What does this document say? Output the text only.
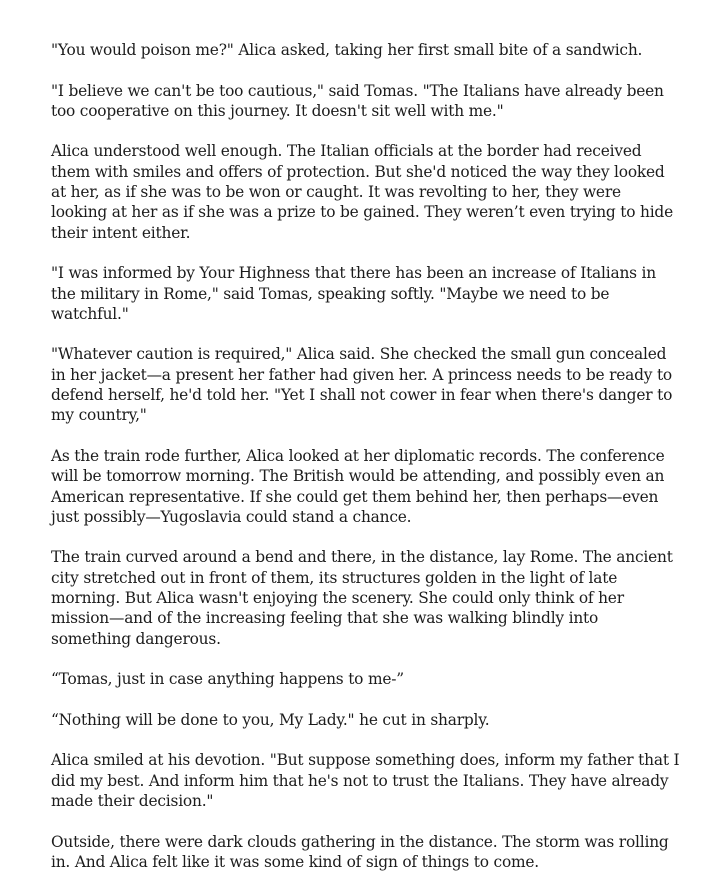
"You would poison me?" Alica asked, taking her first small bite of a sandwich.

"I believe we can't be too cautious," said Tomas. "The Italians have already been too cooperative on this journey. It doesn't sit well with me."

Alica understood well enough. The Italian officials at the border had received them with smiles and offers of protection. But she'd noticed the way they looked at her, as if she was to be won or caught. It was revolting to her, they were looking at her as if she was a prize to be gained. They weren’t even trying to hide their intent either.

"I was informed by Your Highness that there has been an increase of Italians in the military in Rome," said Tomas, speaking softly. "Maybe we need to be watchful."

"Whatever caution is required," Alica said. She checked the small gun concealed in her jacket—a present her father had given her. A princess needs to be ready to defend herself, he'd told her. "Yet I shall not cower in fear when there's danger to my country,"

As the train rode further, Alica looked at her diplomatic records. The conference will be tomorrow morning. The British would be attending, and possibly even an American representative. If she could get them behind her, then perhaps—even just possibly—Yugoslavia could stand a chance.

The train curved around a bend and there, in the distance, lay Rome. The ancient city stretched out in front of them, its structures golden in the light of late morning. But Alica wasn't enjoying the scenery. She could only think of her mission—and of the increasing feeling that she was walking blindly into something dangerous.

“Tomas, just in case anything happens to me-”

“Nothing will be done to you, My Lady." he cut in sharply.

Alica smiled at his devotion. "But suppose something does, inform my father that I did my best. And inform him that he's not to trust the Italians. They have already made their decision."

Outside, there were dark clouds gathering in the distance. The storm was rolling in. And Alica felt like it was some kind of sign of things to come.
